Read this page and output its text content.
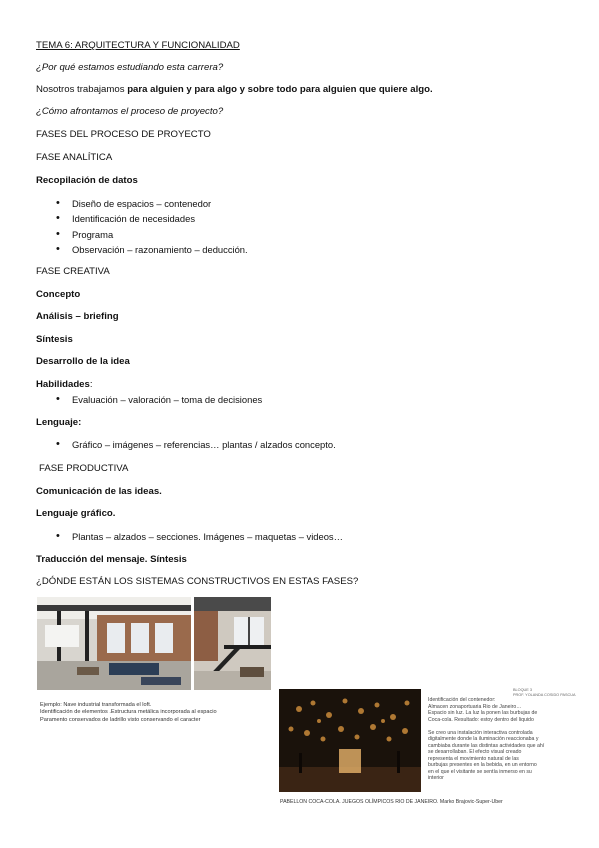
TEMA 6: ARQUITECTURA Y FUNCIONALIDAD
¿Por qué estamos estudiando esta carrera?
Nosotros trabajamos para alguien y para algo y sobre todo para alguien que quiere algo.
¿Cómo afrontamos el proceso de proyecto?
FASES DEL PROCESO DE PROYECTO
FASE ANALÍTICA
Recopilación de datos
• Diseño de espacios – contenedor
• Identificación de necesidades
• Programa
• Observación – razonamiento – deducción.
FASE CREATIVA
Concepto
Análisis – briefing
Síntesis
Desarrollo de la idea
Habilidades:
• Evaluación – valoración – toma de decisiones
Lenguaje:
• Gráfico – imágenes – referencias… plantas / alzados concepto.
FASE PRODUCTIVA
Comunicación de las ideas.
Lenguaje gráfico.
• Plantas – alzados – secciones. Imágenes – maquetas – videos…
Traducción del mensaje. Síntesis
¿DÓNDE ESTÁN LOS SISTEMAS CONSTRUCTIVOS EN ESTAS FASES?
Ejemplo: Nave industrial transformada el loft.
Identificación de elementos .Estructura metálica incorporada al espacio
Paramento conservados de ladrillo visto conservando el caracter
BLOQUE 3
PROF. YOLANDA COSIDO PASCUA
Identificación del contenedor:
Almacen zonaportuaria Rio de Janeiro…
Espacio sin luz. La luz la ponen las burbujas de
Coca-cola. Resultado: estoy dentro del liquido
Se creo una instalación interactiva controlada
digitalmente donde la iluminación reaccionaba y
cambiaba durante las distintas actividades que ahí
se desarrollaban. El efecto visual creado
representa el movimiento natural de las
burbujas presentes en la bebida, en un entorno
en el que el visitante se sentía inmerso en su
interior
PABELLON COCA-COLA. JUEGOS OLÍMPICOS RIO DE JANEIRO. Marko Brajovic-Super-Uber
